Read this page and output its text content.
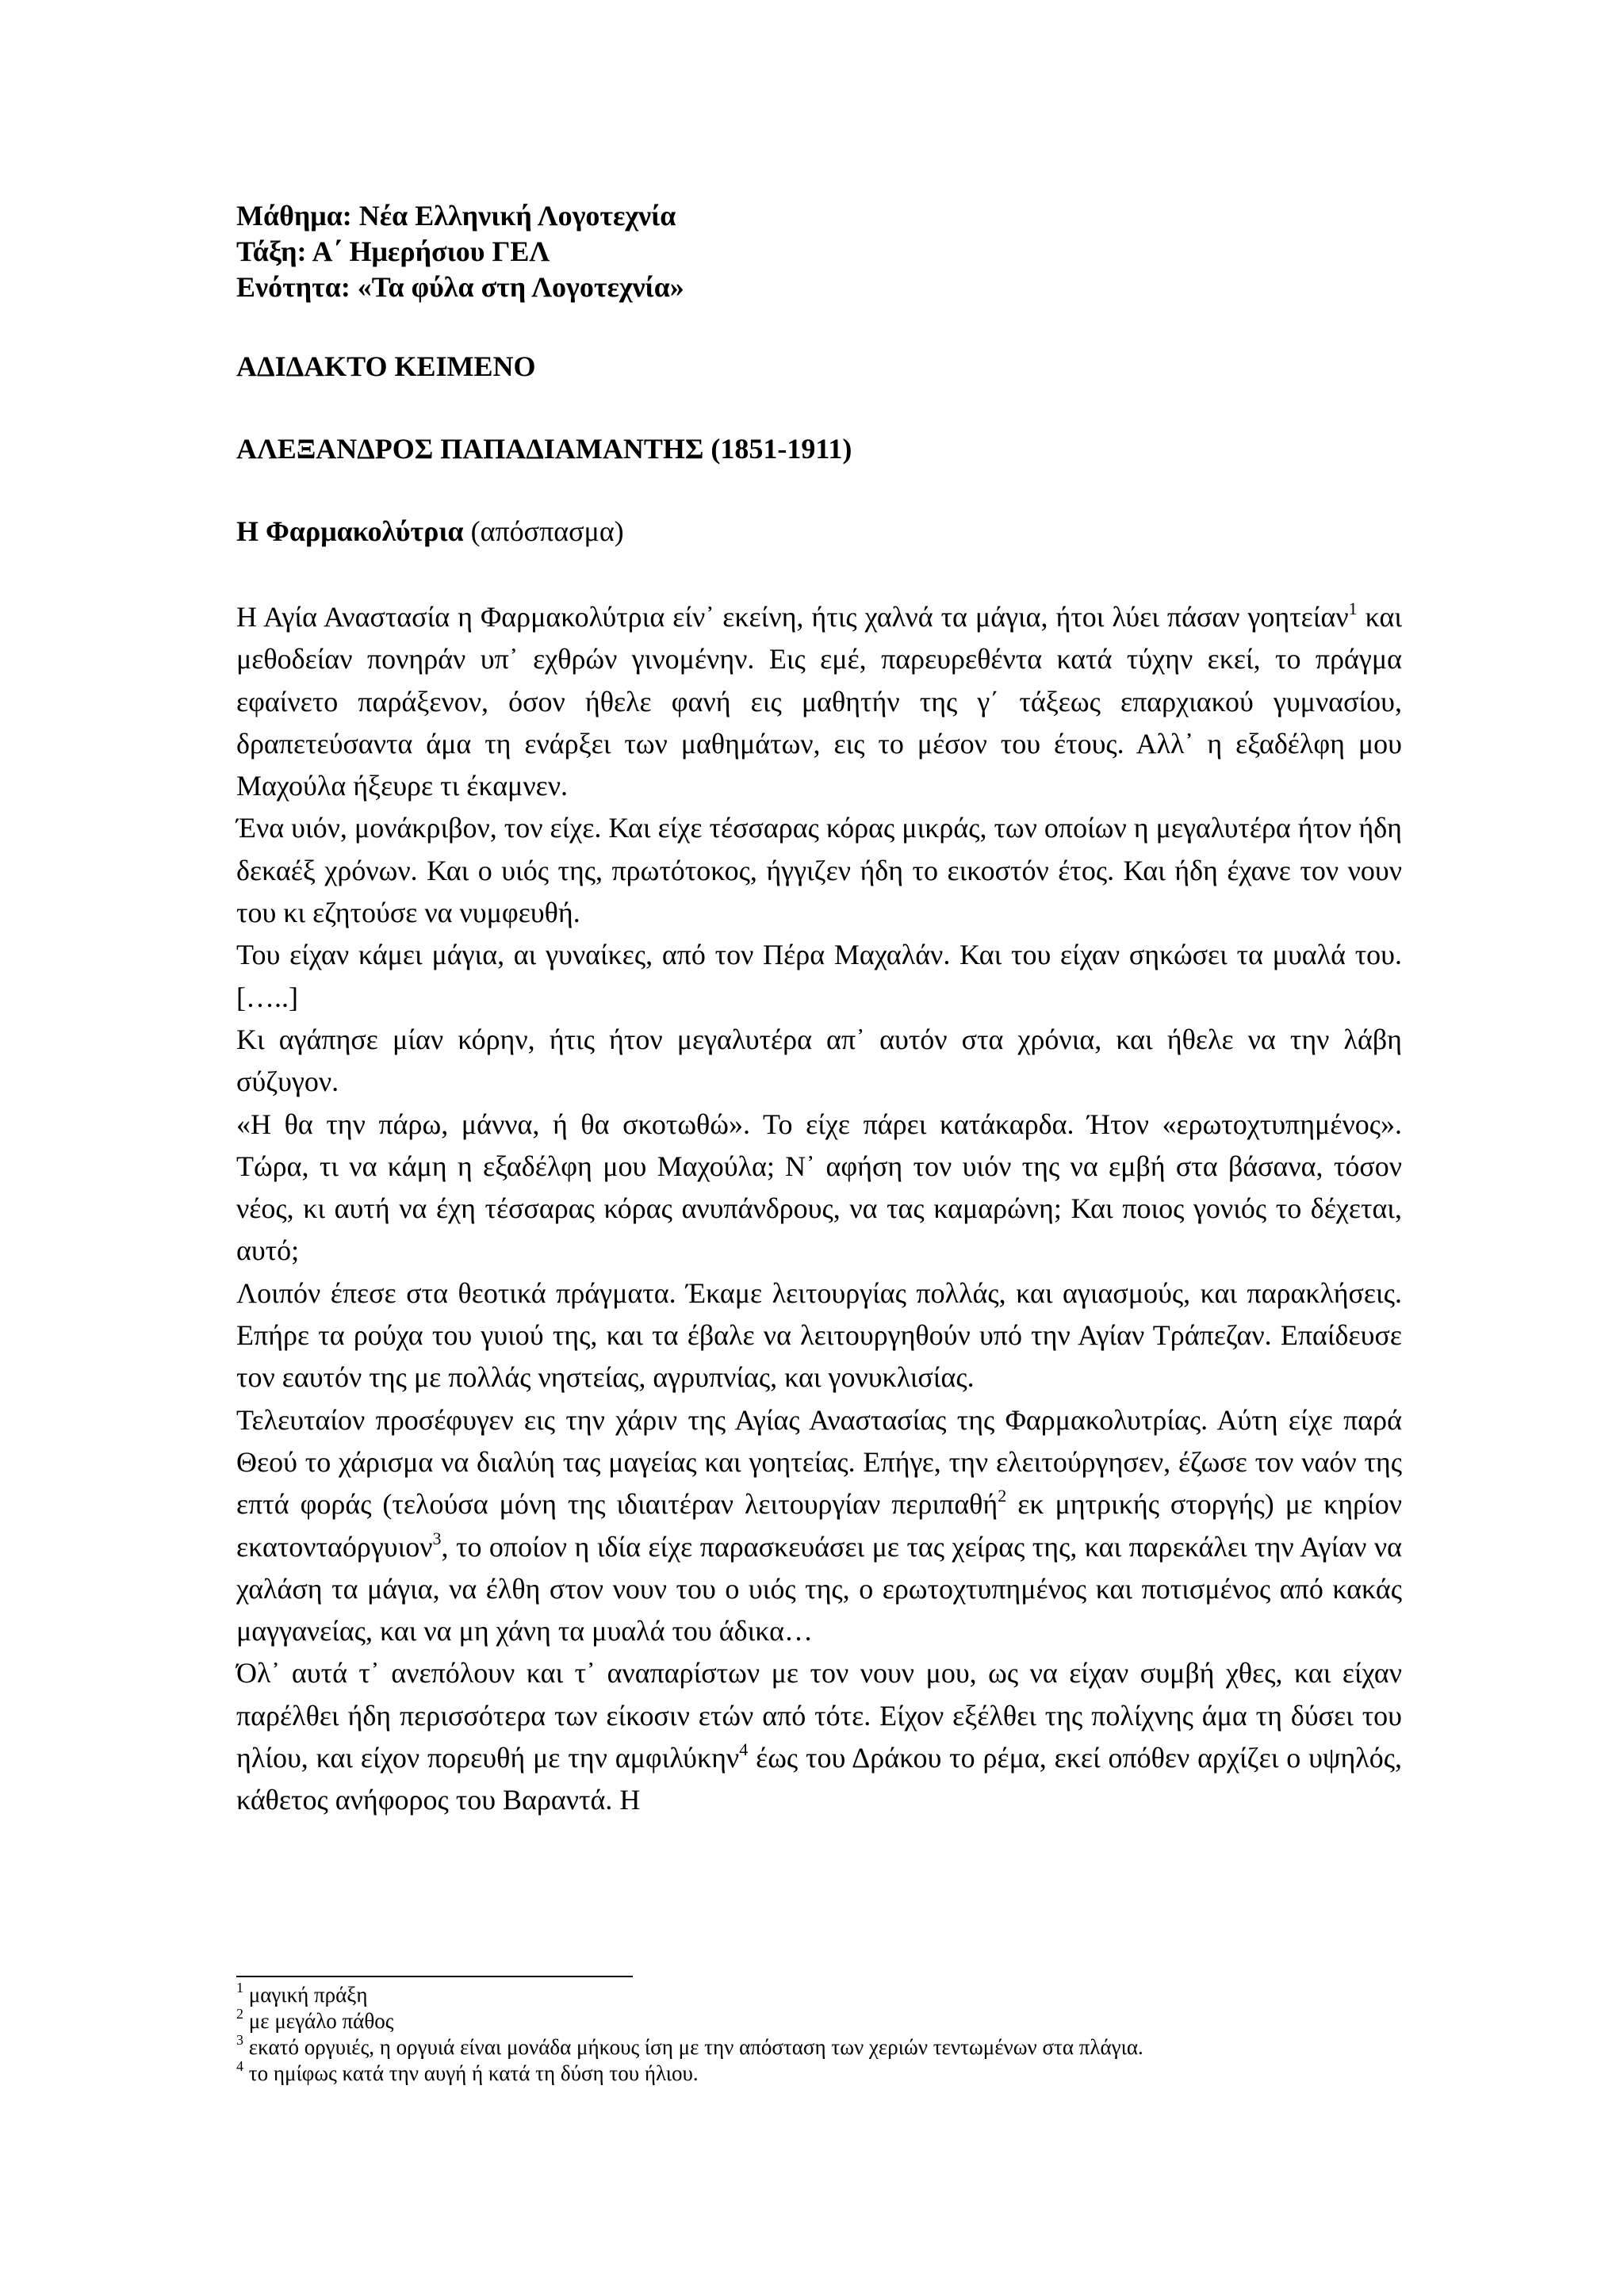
Μάθημα: Νέα Ελληνική Λογοτεχνία
Τάξη: Α΄ Ημερήσιου ΓΕΛ
Ενότητα: «Τα φύλα στη Λογοτεχνία»
ΑΔΙΔΑΚΤΟ ΚΕΙΜΕΝΟ
ΑΛΕΞΑΝΔΡΟΣ ΠΑΠΑΔΙΑΜΑΝΤΗΣ (1851-1911)
Η Φαρμακολύτρια (απόσπασμα)

Η Αγία Αναστασία η Φαρμακολύτρια είν᾽ εκείνη, ήτις χαλνά τα μάγια, ήτοι λύει πάσαν γοητείαν$^1$ και μεθοδείαν πονηράν υπ᾽ εχθρών γινομένην. Εις εμέ, παρευρεθέντα κατά τύχην εκεί, το πράγμα εφαίνετο παράξενον, όσον ήθελε φανή εις μαθητήν της γ΄ τάξεως επαρχιακού γυμνασίου, δραπετεύσαντα άμα τη ενάρξει των μαθημάτων, εις το μέσον του έτους. Αλλ᾽ η εξαδέλφη μου Μαχούλα ήξευρε τι έκαμνεν.

Ένα υιόν, μονάκριβον, τον είχε. Και είχε τέσσαρας κόρας μικράς, των οποίων η μεγαλυτέρα ήτον ήδη δεκαέξ χρόνων. Και ο υιός της, πρωτότοκος, ήγγιζεν ήδη το εικοστόν έτος. Και ήδη έχανε τον νουν του κι εζητούσε να νυμφευθή.

Του είχαν κάμει μάγια, αι γυναίκες, από τον Πέρα Μαχαλάν. Και του είχαν σηκώσει τα μυαλά του.[…..]

Κι αγάπησε μίαν κόρην, ήτις ήτον μεγαλυτέρα απ᾽ αυτόν στα χρόνια, και ήθελε να την λάβη σύζυγον.

«Η θα την πάρω, μάννα, ή θα σκοτωθώ». Το είχε πάρει κατάκαρδα. Ήτον «ερωτοχτυπημένος». Τώρα, τι να κάμη η εξαδέλφη μου Μαχούλα; Ν᾽ αφήση τον υιόν της να εμβή στα βάσανα, τόσον νέος, κι αυτή να έχη τέσσαρας κόρας ανυπάνδρους, να τας καμαρώνη; Και ποιος γονιός το δέχεται, αυτό;

Λοιπόν έπεσε στα θεοτικά πράγματα. Έκαμε λειτουργίας πολλάς, και αγιασμούς, και παρακλήσεις. Επήρε τα ρούχα του γυιού της, και τα έβαλε να λειτουργηθούν υπό την Αγίαν Τράπεζαν. Επαίδευσε τον εαυτόν της με πολλάς νηστείας, αγρυπνίας, και γονυκλισίας.

Τελευταίον προσέφυγεν εις την χάριν της Αγίας Αναστασίας της Φαρμακολυτρίας. Αύτη είχε παρά Θεού το χάρισμα να διαλύη τας μαγείας και γοητείας. Επήγε, την ελειτούργησεν, έζωσε τον ναόν της επτά φοράς (τελούσα μόνη της ιδιαιτέραν λειτουργίαν περιπαθή$^2$ εκ μητρικής στοργής) με κηρίον εκατονταόργυιον$^3$, το οποίον η ιδία είχε παρασκευάσει με τας χείρας της, και παρεκάλει την Αγίαν να χαλάση τα μάγια, να έλθη στον νουν του ο υιός της, ο ερωτοχτυπημένος και ποτισμένος από κακάς μαγγανείας, και να μη χάνη τα μυαλά του άδικα…

Όλ᾽ αυτά τ᾽ ανεπόλουν και τ᾽ αναπαρίστων με τον νουν μου, ως να είχαν συμβή χθες, και είχαν παρέλθει ήδη περισσότερα των είκοσιν ετών από τότε. Είχον εξέλθει της πολίχνης άμα τη δύσει του ηλίου, και είχον πορευθή με την αμφιλύκην$^4$ έως του Δράκου το ρέμα, εκεί οπόθεν αρχίζει ο υψηλός, κάθετος ανήφορος του Βαραντά. Η

$^1$ μαγική πράξη
$^2$ με μεγάλο πάθος
$^3$ εκατό οργυιές, η οργυιά είναι μονάδα μήκους ίση με την απόσταση των χεριών τεντωμένων στα πλάγια.
$^4$ το ημίφως κατά την αυγή ή κατά τη δύση του ήλιου.
